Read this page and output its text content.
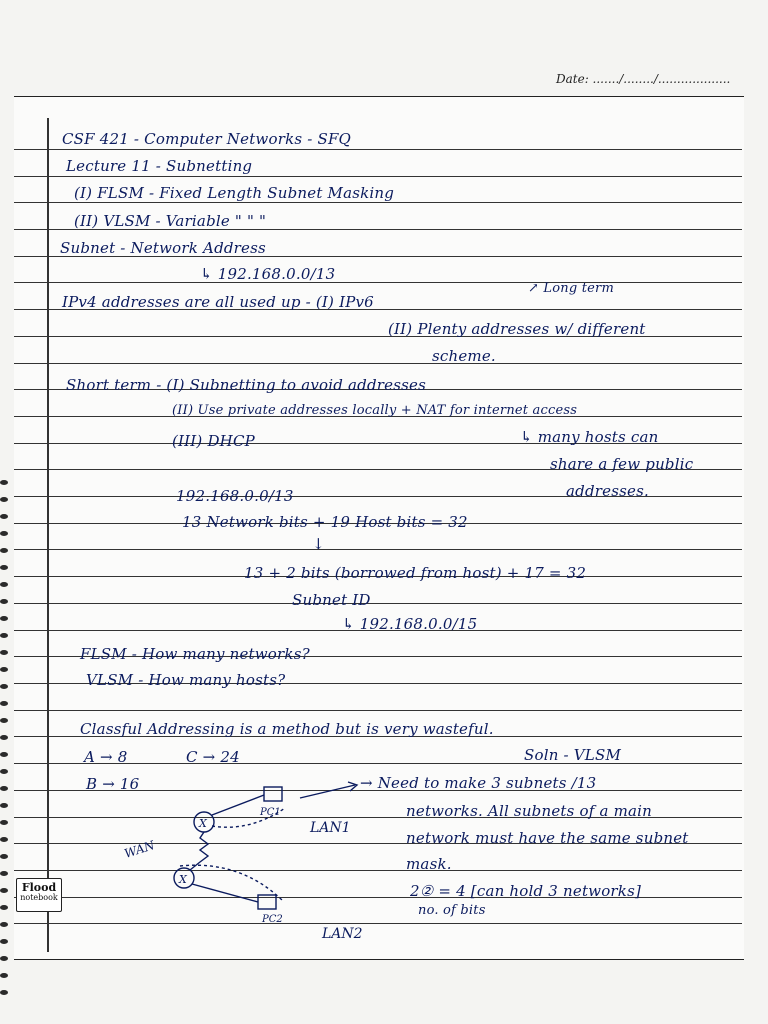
Date: ......./......../...................
CSF 421 - Computer Networks - SFQ
Lecture 11 - Subnetting
(I) FLSM - Fixed Length Subnet Masking
(II) VLSM - Variable " " "
Subnet - Network Address
↳ 192.168.0.0/13
IPv4 addresses are all used up - (I) IPv6
↗ Long term
(II) Plenty addresses w/ different
scheme.
Short term - (I) Subnetting to avoid addresses
(II) Use private addresses locally + NAT for internet access
(III) DHCP	↳ many hosts can
share a few public
addresses.
192.168.0.0/13
13 Network bits + 19 Host bits = 32
↓
13 + 2 bits (borrowed from host) + 17 = 32
Subnet ID
↳ 192.168.0.0/15
FLSM - How many networks?
VLSM - How many hosts?
Classful Addressing is a method but is very wasteful.
A → 8	C → 24	Soln - VLSM
B → 16	→ Need to make 3 subnets /13
networks. All subnets of a main
network must have the same subnet
mask.
2② = 4 [can hold 3 networks]
no. of bits
X
X
PC1
PC2
LAN1
LAN2
WAN
Flood
notebook
